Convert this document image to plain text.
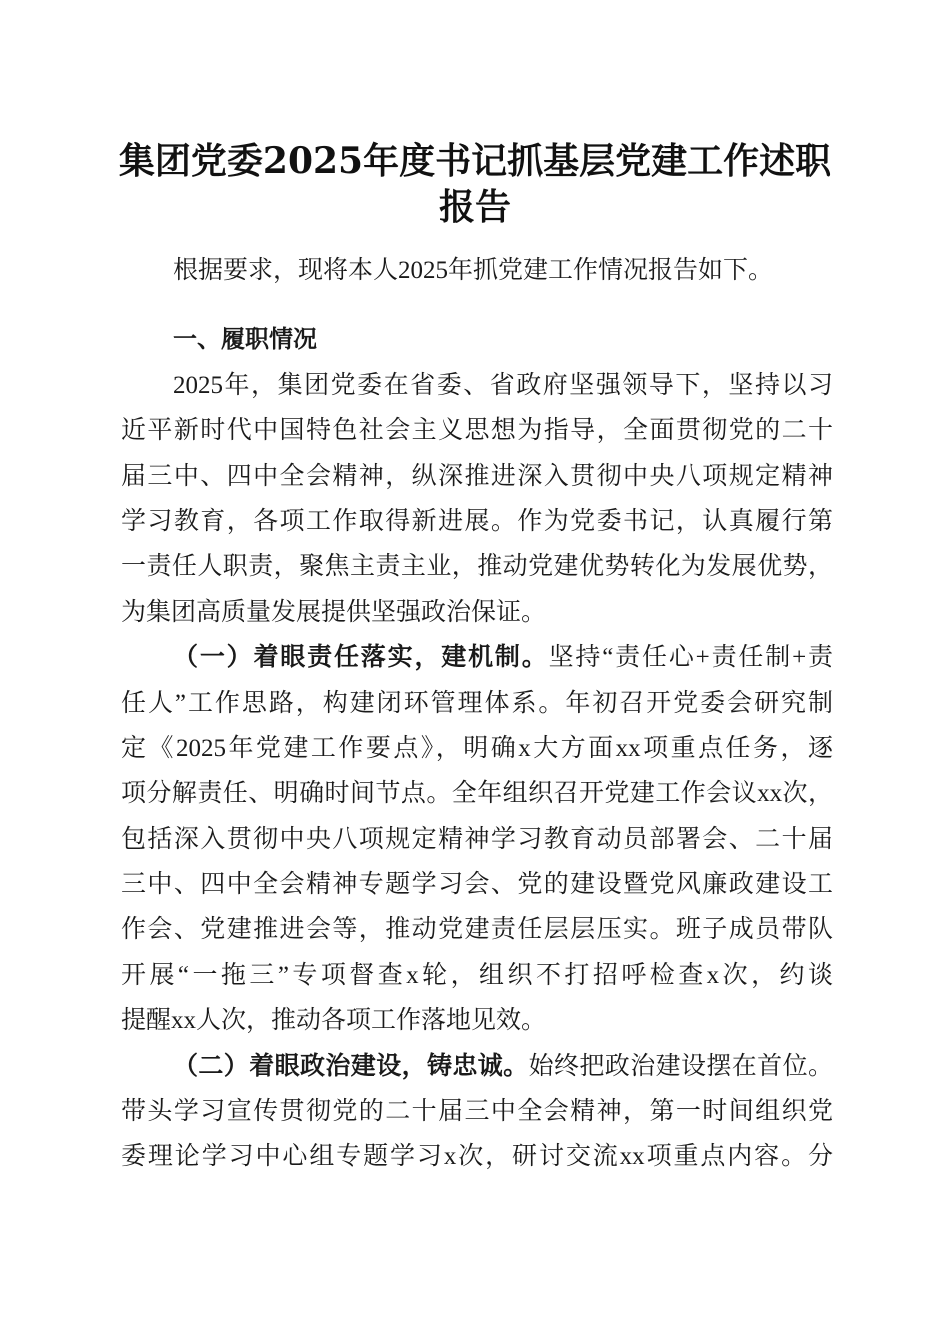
集团党委2025年度书记抓基层党建工作述职
报告
根据要求，现将本人2025年抓党建工作情况报告如下。
一、履职情况
2025年，集团党委在省委、省政府坚强领导下，坚持以习
近平新时代中国特色社会主义思想为指导，全面贯彻党的二十
届三中、四中全会精神，纵深推进深入贯彻中央八项规定精神
学习教育，各项工作取得新进展。作为党委书记，认真履行第
一责任人职责，聚焦主责主业，推动党建优势转化为发展优势，
为集团高质量发展提供坚强政治保证。
（一）着眼责任落实，建机制。坚持“责任心+责任制+责
任人”工作思路，构建闭环管理体系。年初召开党委会研究制
定《2025年党建工作要点》，明确x大方面xx项重点任务，逐
项分解责任、明确时间节点。全年组织召开党建工作会议xx次，
包括深入贯彻中央八项规定精神学习教育动员部署会、二十届
三中、四中全会精神专题学习会、党的建设暨党风廉政建设工
作会、党建推进会等，推动党建责任层层压实。班子成员带队
开展“一拖三”专项督查x轮，组织不打招呼检查x次，约谈
提醒xx人次，推动各项工作落地见效。
（二）着眼政治建设，铸忠诚。始终把政治建设摆在首位。
带头学习宣传贯彻党的二十届三中全会精神，第一时间组织党
委理论学习中心组专题学习x次，研讨交流xx项重点内容。分
